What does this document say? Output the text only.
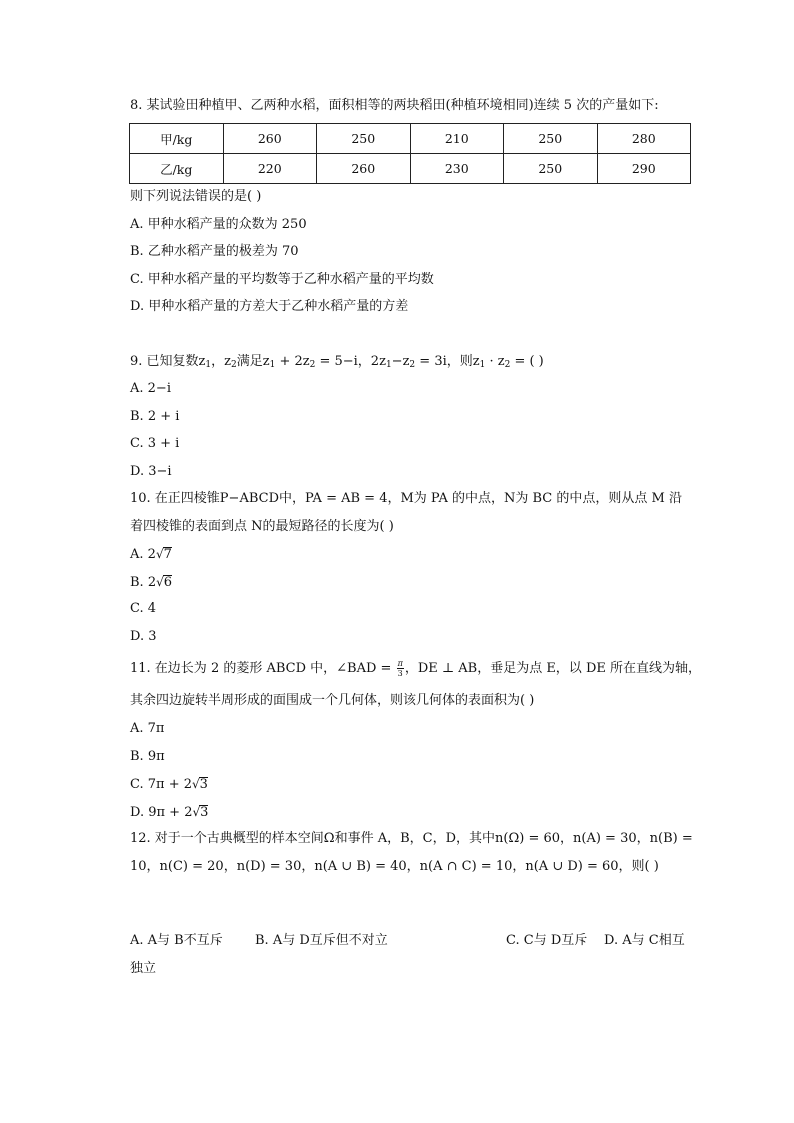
8. 某试验田种植甲、乙两种水稻，面积相等的两块稻田(种植环境相同)连续 5 次的产量如下:
甲/kg	260	250	210	250	280
乙/kg	220	260	230	250	290
则下列说法错误的是( )
A. 甲种水稻产量的众数为 250
B. 乙种水稻产量的极差为 70
C. 甲种水稻产量的平均数等于乙种水稻产量的平均数
D. 甲种水稻产量的方差大于乙种水稻产量的方差
9. 已知复数$z_1$，$z_2$满足$z_1 + 2z_2 = 5-i$，$2z_1-z_2 = 3i$，则$z_1 \cdot z_2$ = ( )
A. 2−i
B. 2 + i
C. 3 + i
D. 3−i
10. 在正四棱锥P−ABCD中，PA = AB = 4，M为 PA 的中点，N为 BC 的中点，则从点 M 沿
着四棱锥的表面到点 N的最短路径的长度为( )
A. 2√7
B. 2√6
C. 4
D. 3
11. 在边长为 2 的菱形 ABCD 中，∠BAD = $\frac{\pi}{3}$ ，DE ⊥ AB，垂足为点 E，以 DE 所在直线为轴，
其余四边旋转半周形成的面围成一个几何体，则该几何体的表面积为( )
A. 7π
B. 9π
C. 7π + 2√3
D. 9π + 2√3
12. 对于一个古典概型的样本空间Ω和事件 A，B，C，D，其中n(Ω) = 60，n(A) = 30，n(B) =
10，n(C) = 20，n(D) = 30，n(A ∪ B) = 40，n(A ∩ C) = 10，n(A ∪ D) = 60，则( )
A. A与 B不互斥 B. A与 D互斥但不对立	C. C与 D互斥 D. A与 C相互
独立
